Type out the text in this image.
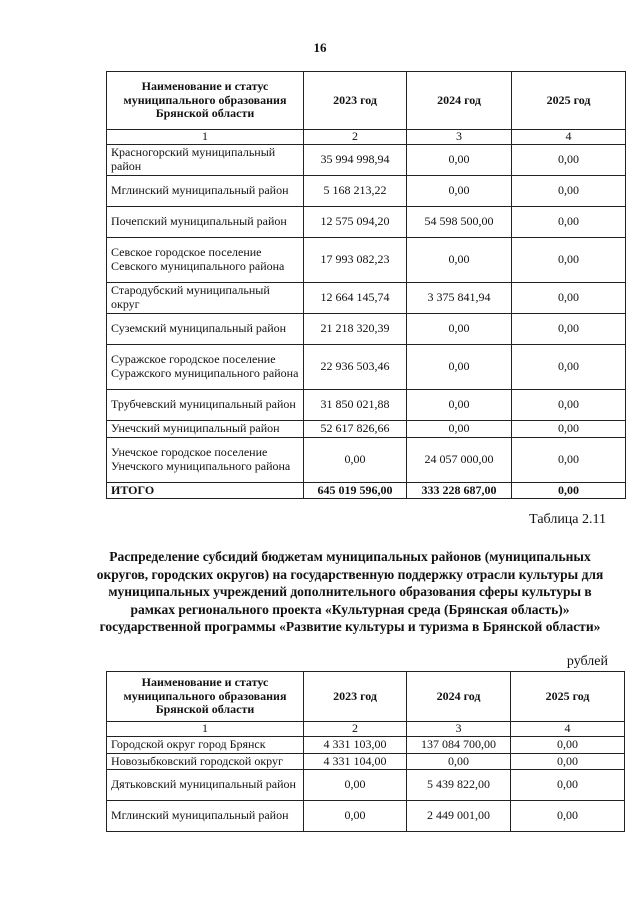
16
Наименование и статус муниципального образования Брянской области	2023 год	2024 год	2025 год
1	2	3	4
Красногорский муниципальный район	35 994 998,94	0,00	0,00
Мглинский муниципальный район	5 168 213,22	0,00	0,00
Почепский муниципальный район	12 575 094,20	54 598 500,00	0,00
Севское городское поселение Севского муниципального района	17 993 082,23	0,00	0,00
Стародубский муниципальный округ	12 664 145,74	3 375 841,94	0,00
Суземский муниципальный район	21 218 320,39	0,00	0,00
Суражское городское поселение Суражского муниципального района	22 936 503,46	0,00	0,00
Трубчевский муниципальный район	31 850 021,88	0,00	0,00
Унечский муниципальный район	52 617 826,66	0,00	0,00
Унечское городское поселение Унечского муниципального района	0,00	24 057 000,00	0,00
ИТОГО	645 019 596,00	333 228 687,00	0,00
Таблица 2.11
Распределение субсидий бюджетам муниципальных районов (муниципальных округов, городских округов) на государственную поддержку отрасли культуры для муниципальных учреждений дополнительного образования сферы культуры в рамках регионального проекта «Культурная среда (Брянская область)» государственной программы «Развитие культуры и туризма в Брянской области»
рублей
Наименование и статус муниципального образования Брянской области	2023 год	2024 год	2025 год
1	2	3	4
Городской округ город Брянск	4 331 103,00	137 084 700,00	0,00
Новозыбковский городской округ	4 331 104,00	0,00	0,00
Дятьковский муниципальный район	0,00	5 439 822,00	0,00
Мглинский муниципальный район	0,00	2 449 001,00	0,00
